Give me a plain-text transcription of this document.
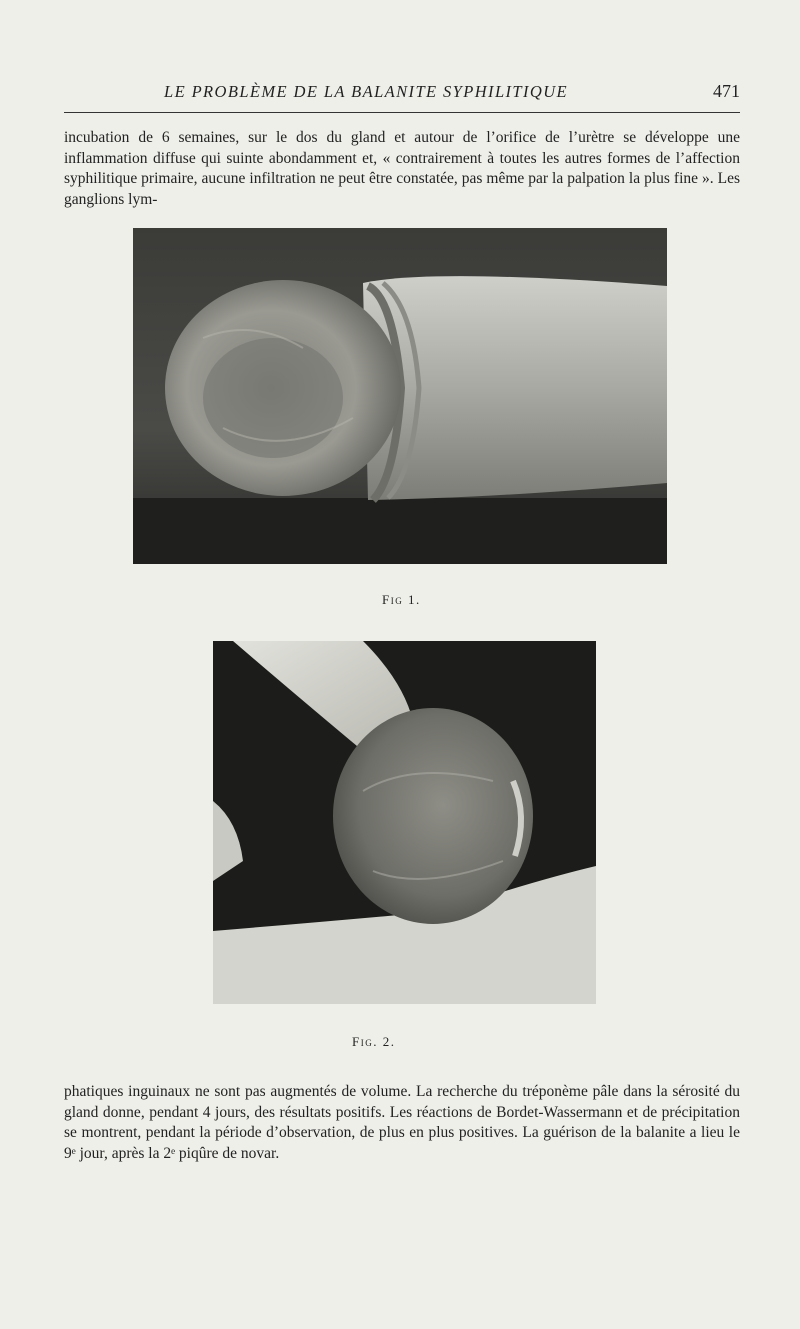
LE PROBLÈME DE LA BALANITE SYPHILITIQUE	471

incubation de 6 semaines, sur le dos du gland et autour de l’orifice de l’urètre se développe une inflammation diffuse qui suinte abondamment et, « contrairement à toutes les autres formes de l’affection syphilitique primaire, aucune infiltration ne peut être constatée, pas même par la palpation la plus fine ». Les ganglions lym-

Fig 1.
Fig. 2.

phatiques inguinaux ne sont pas augmentés de volume. La recherche du tréponème pâle dans la sérosité du gland donne, pendant 4 jours, des résultats positifs. Les réactions de Bordet-Wassermann et de précipitation se montrent, pendant la période d’observation, de plus en plus positives. La guérison de la balanite a lieu le 9ᵉ jour, après la 2ᵉ piqûre de novar.
